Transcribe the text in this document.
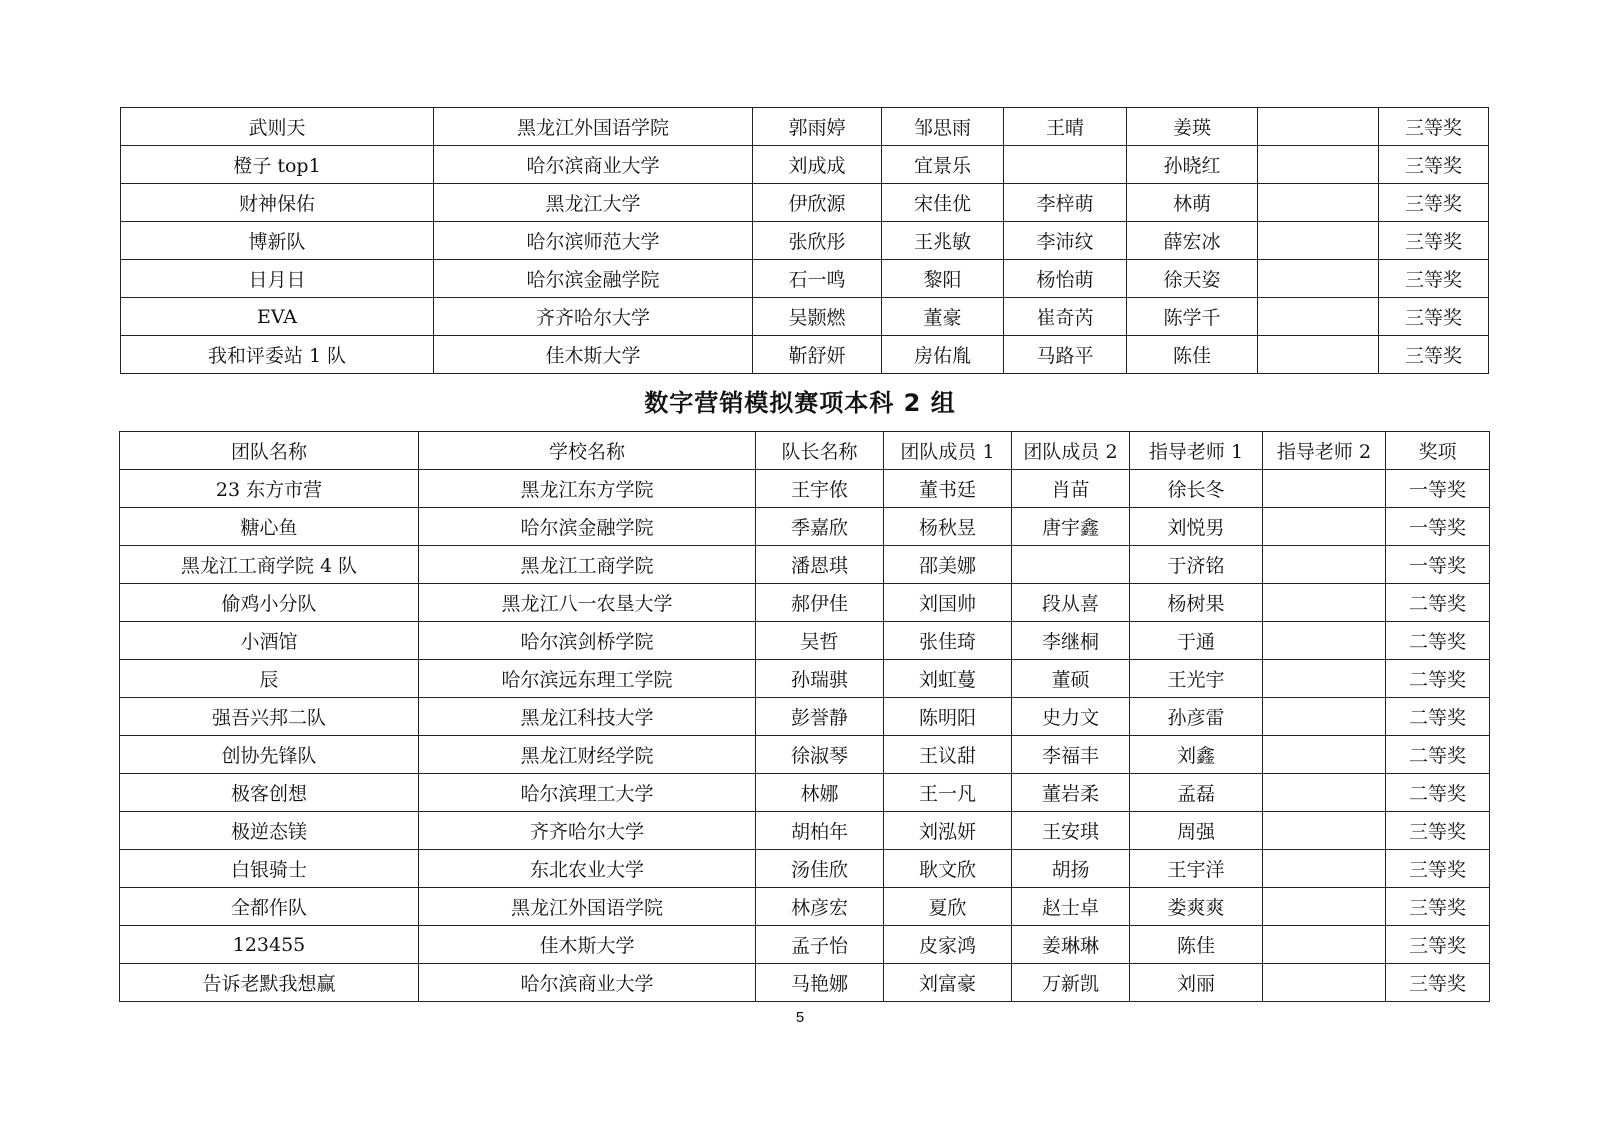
武则天	黑龙江外国语学院	郭雨婷	邹思雨	王晴	姜瑛		三等奖
橙子 top1	哈尔滨商业大学	刘成成	宜景乐		孙晓红		三等奖
财神保佑	黑龙江大学	伊欣源	宋佳优	李梓萌	林萌		三等奖
博新队	哈尔滨师范大学	张欣彤	王兆敏	李沛纹	薛宏冰		三等奖
日月日	哈尔滨金融学院	石一鸣	黎阳	杨怡萌	徐天姿		三等奖
EVA	齐齐哈尔大学	吴颢燃	董豪	崔奇芮	陈学千		三等奖
我和评委站 1 队	佳木斯大学	靳舒妍	房佑胤	马路平	陈佳		三等奖
数字营销模拟赛项本科 2 组
团队名称	学校名称	队长名称	团队成员 1	团队成员 2	指导老师 1	指导老师 2	奖项
23 东方市营	黑龙江东方学院	王宇侬	董书廷	肖苗	徐长冬		一等奖
糖心鱼	哈尔滨金融学院	季嘉欣	杨秋昱	唐宇鑫	刘悦男		一等奖
黑龙江工商学院 4 队	黑龙江工商学院	潘恩琪	邵美娜		于济铭		一等奖
偷鸡小分队	黑龙江八一农垦大学	郝伊佳	刘国帅	段从喜	杨树果		二等奖
小酒馆	哈尔滨剑桥学院	吴哲	张佳琦	李继桐	于通		二等奖
辰	哈尔滨远东理工学院	孙瑞骐	刘虹蔓	董硕	王光宇		二等奖
强吾兴邦二队	黑龙江科技大学	彭誉静	陈明阳	史力文	孙彦雷		二等奖
创协先锋队	黑龙江财经学院	徐淑琴	王议甜	李福丰	刘鑫		二等奖
极客创想	哈尔滨理工大学	林娜	王一凡	董岩柔	孟磊		二等奖
极逆态镁	齐齐哈尔大学	胡柏年	刘泓妍	王安琪	周强		三等奖
白银骑士	东北农业大学	汤佳欣	耿文欣	胡扬	王宇洋		三等奖
全都作队	黑龙江外国语学院	林彦宏	夏欣	赵士卓	娄爽爽		三等奖
123455	佳木斯大学	孟子怡	皮家鸿	姜琳琳	陈佳		三等奖
告诉老默我想赢	哈尔滨商业大学	马艳娜	刘富豪	万新凯	刘丽		三等奖
5
